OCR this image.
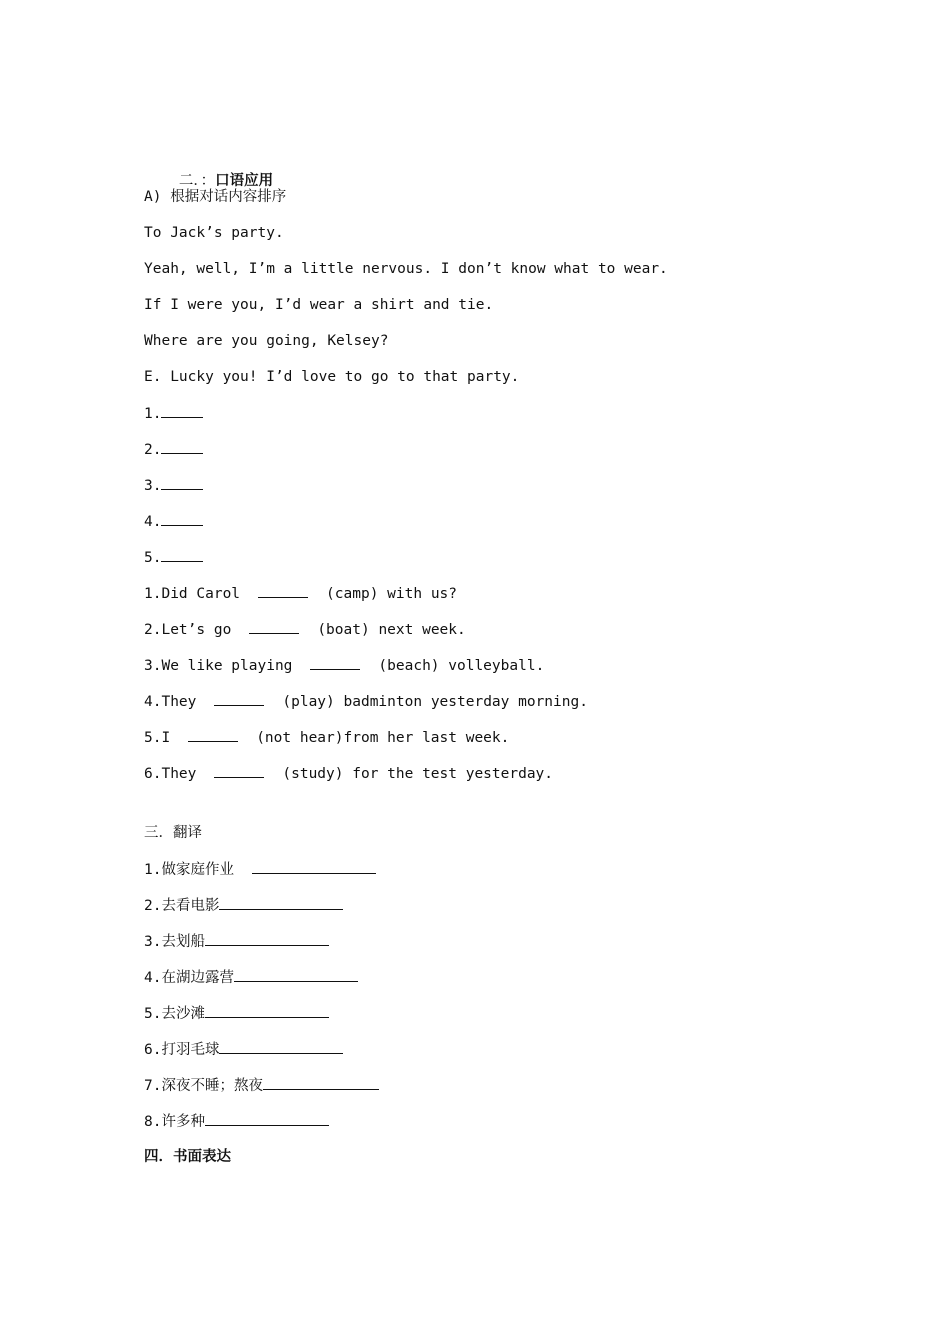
二．：口语应用

A) 根据对话内容排序
To Jack’s party.
Yeah, well, I’m a little nervous. I don’t know what to wear.
If I were you, I’d wear a shirt and tie.
Where are you going, Kelsey?
E. Lucky you! I’d love to go to that party.
1.
2.
3.
4.
5.
1.Did Carol	(camp) with us?
2.Let’s go	(boat) next week.
3.We like playing	(beach) volleyball.
4.They	(play) badminton yesterday morning.
5.I	(not hear)from her last week.
6.They	(study) for the test yesterday.
三．翻译
1.做家庭作业
2.去看电影
3.去划船
4.在湖边露营
5.去沙滩
6.打羽毛球
7.深夜不睡；熬夜
8.许多种
四．书面表达
